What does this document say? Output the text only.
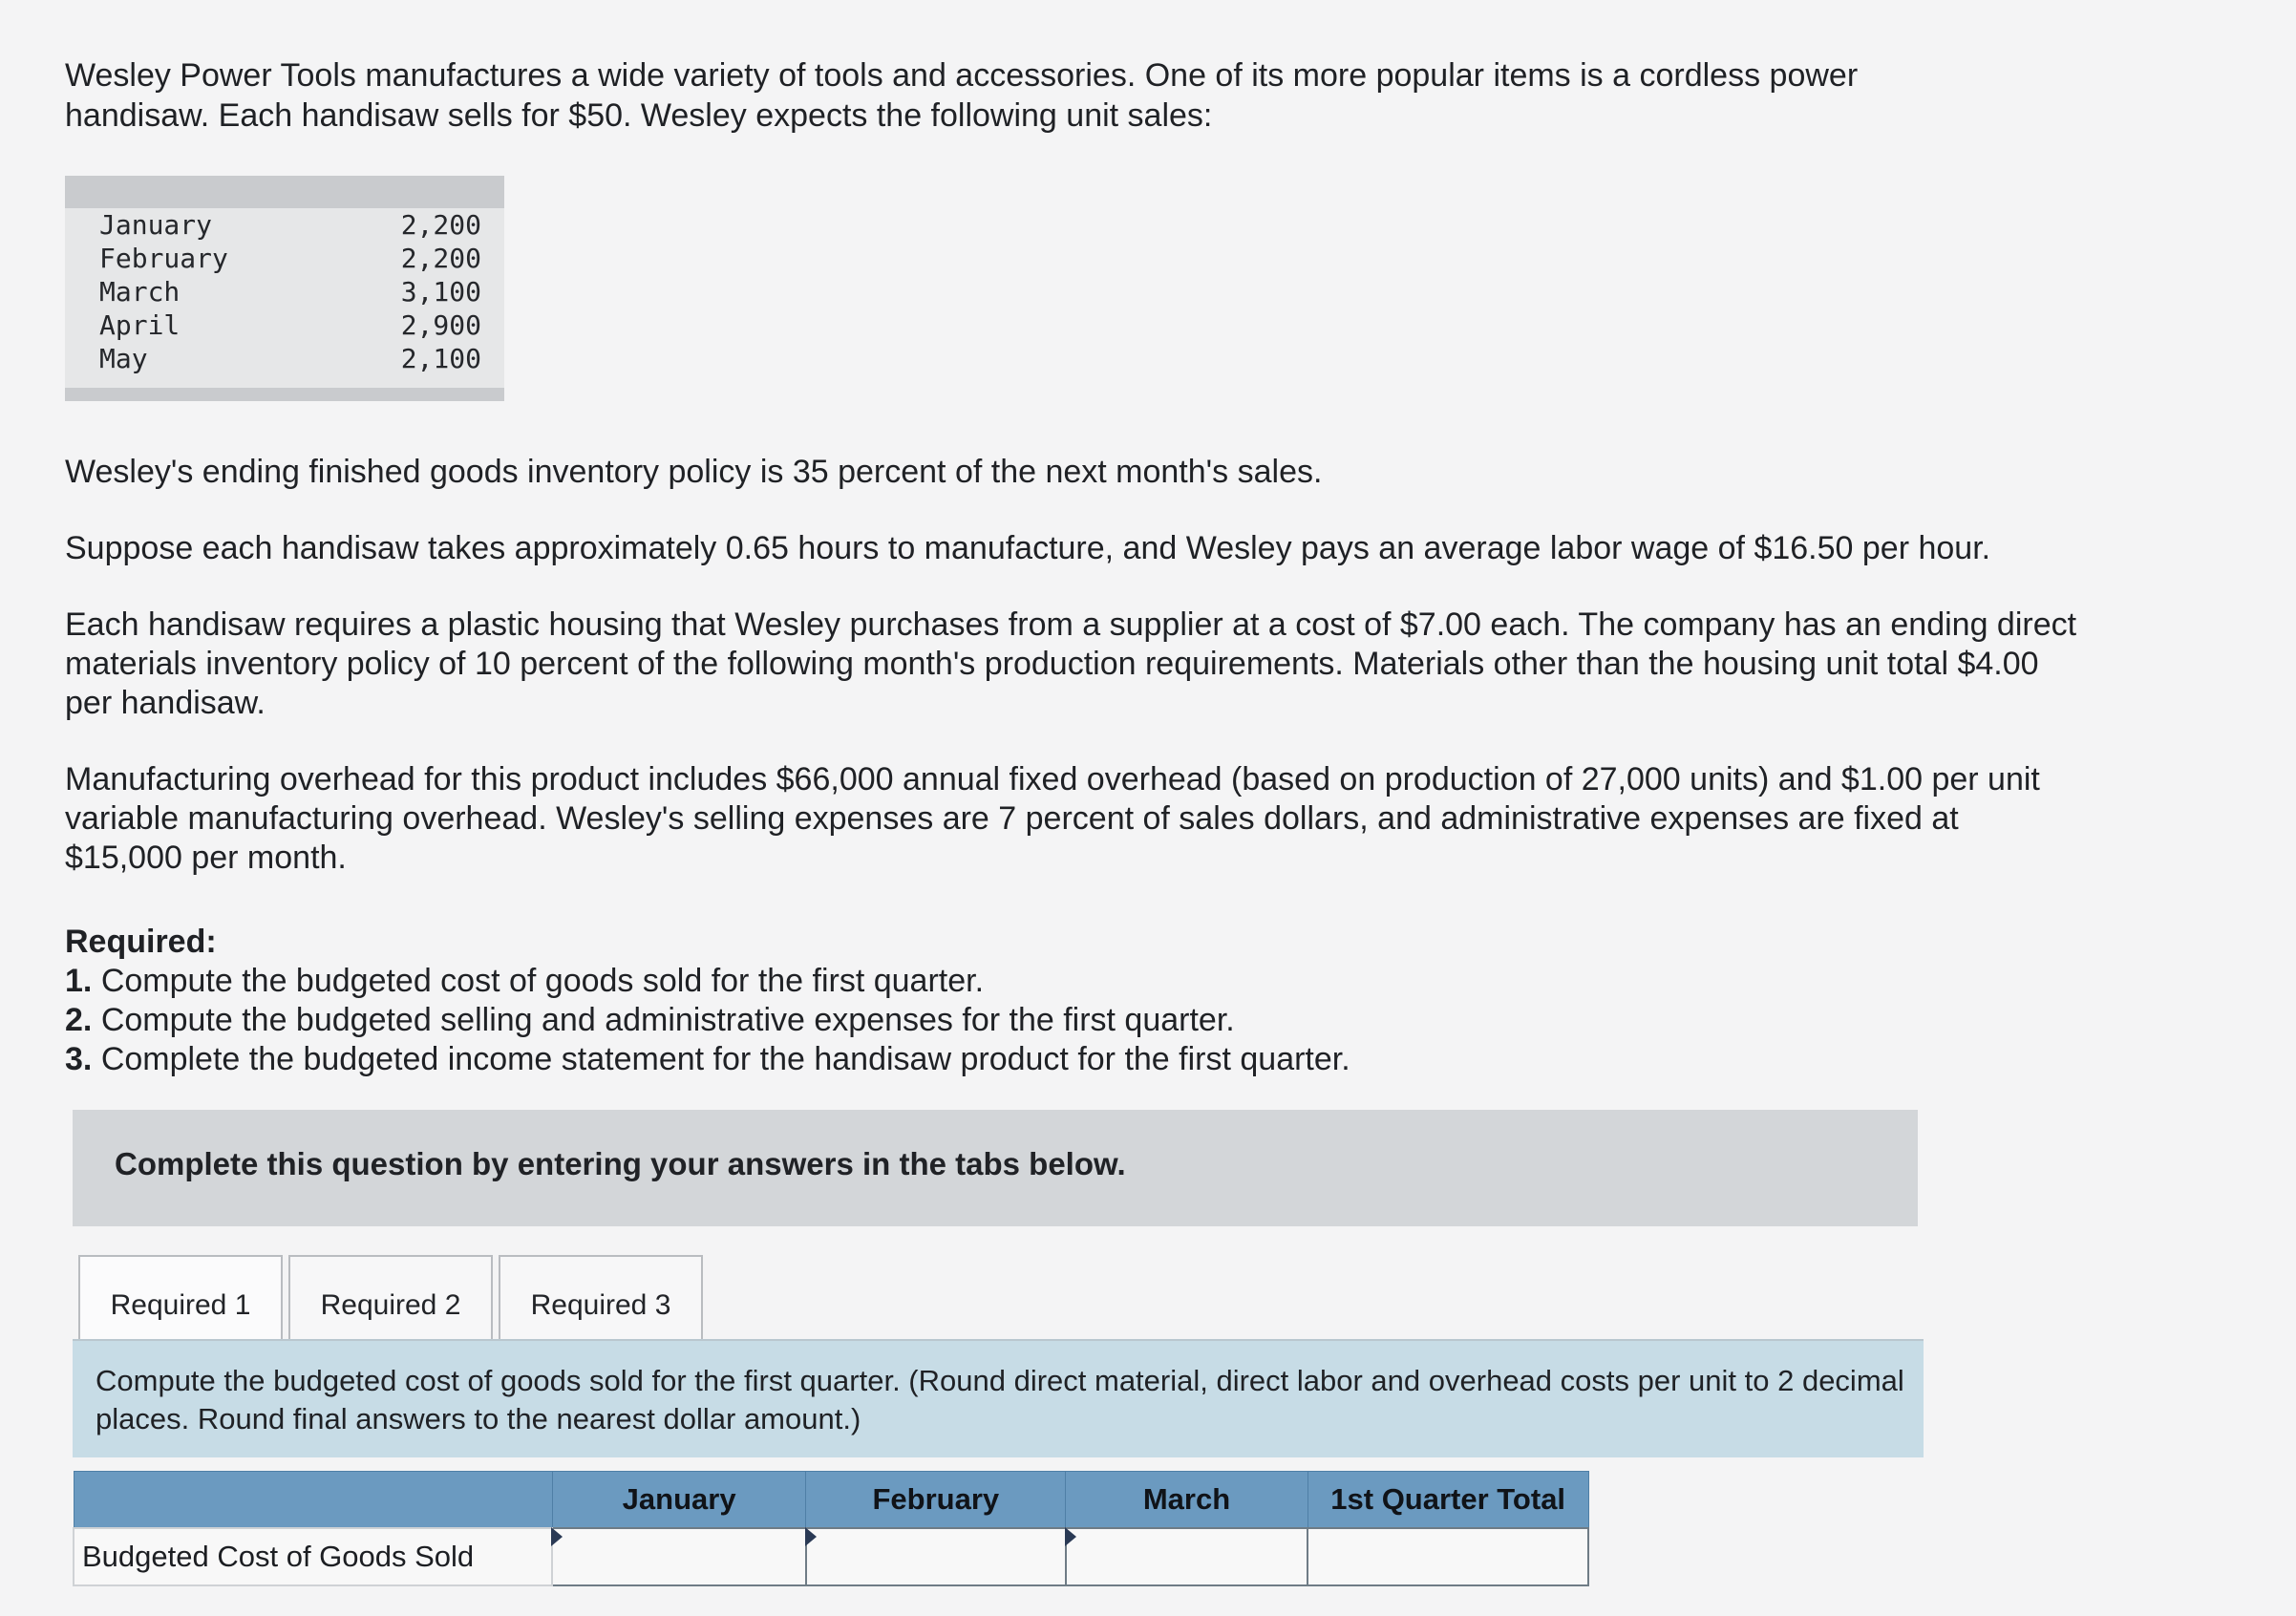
Wesley Power Tools manufactures a wide variety of tools and accessories. One of its more popular items is a cordless power
handisaw. Each handisaw sells for $50. Wesley expects the following unit sales:
January	2,200
February	2,200
March	3,100
April	2,900
May	2,100
Wesley's ending finished goods inventory policy is 35 percent of the next month's sales.
Suppose each handisaw takes approximately 0.65 hours to manufacture, and Wesley pays an average labor wage of $16.50 per hour.
Each handisaw requires a plastic housing that Wesley purchases from a supplier at a cost of $7.00 each. The company has an ending direct materials inventory policy of 10 percent of the following month's production requirements. Materials other than the housing unit total $4.00 per handisaw.
Manufacturing overhead for this product includes $66,000 annual fixed overhead (based on production of 27,000 units) and $1.00 per unit variable manufacturing overhead. Wesley's selling expenses are 7 percent of sales dollars, and administrative expenses are fixed at $15,000 per month.
Required:
1. Compute the budgeted cost of goods sold for the first quarter.
2. Compute the budgeted selling and administrative expenses for the first quarter.
3. Complete the budgeted income statement for the handisaw product for the first quarter.
Complete this question by entering your answers in the tabs below.
Required 1	Required 2	Required 3
Compute the budgeted cost of goods sold for the first quarter. (Round direct material, direct labor and overhead costs per unit to 2 decimal places. Round final answers to the nearest dollar amount.)
	January	February	March	1st Quarter Total
Budgeted Cost of Goods Sold	
